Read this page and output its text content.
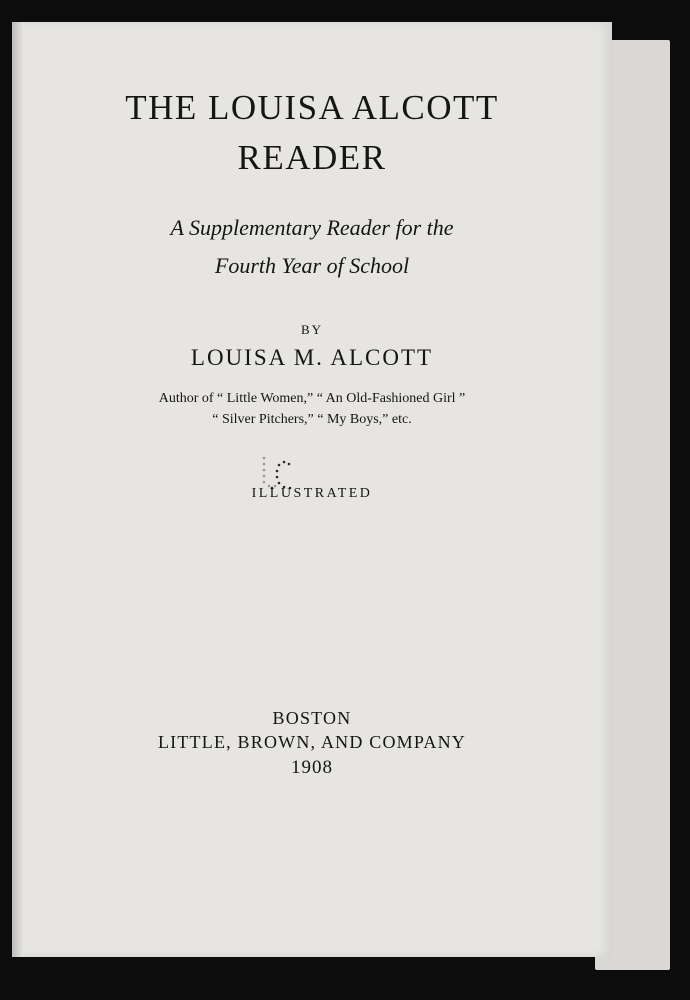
THE LOUISA ALCOTT
READER
A Supplementary Reader for the
Fourth Year of School
BY
LOUISA M. ALCOTT
Author of “ Little Women,” “ An Old-Fashioned Girl ”
“ Silver Pitchers,” “ My Boys,” etc.
ILLUSTRATED
BOSTON
LITTLE, BROWN, AND COMPANY
1908
